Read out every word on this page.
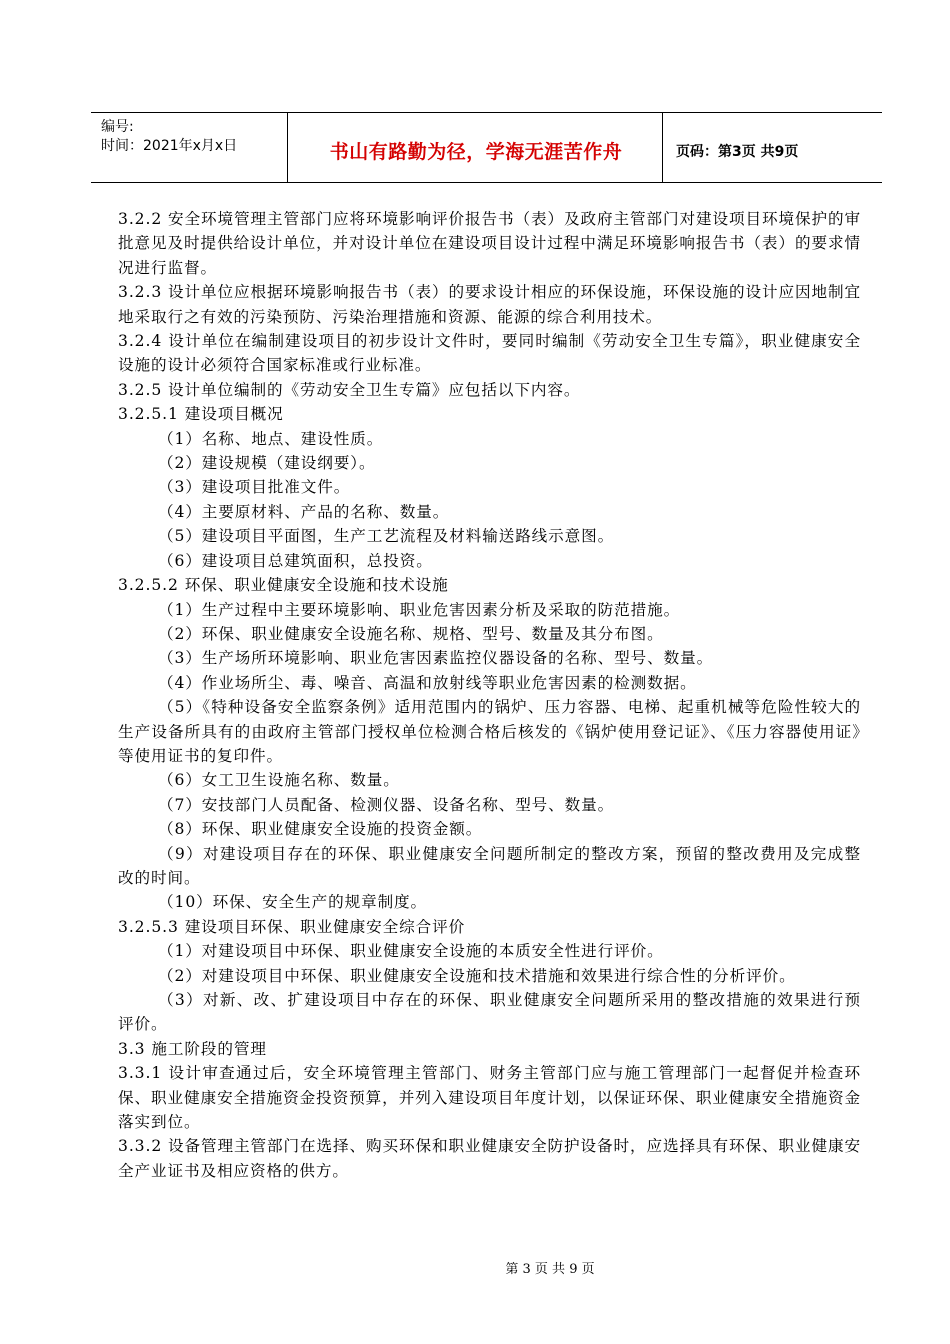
编号:
时间：2021年x月x日	书山有路勤为径，学海无涯苦作舟	页码：第3页 共9页

3.2.2 安全环境管理主管部门应将环境影响评价报告书（表）及政府主管部门对建设项目环境保护的审批意见及时提供给设计单位，并对设计单位在建设项目设计过程中满足环境影响报告书（表）的要求情况进行监督。

3.2.3 设计单位应根据环境影响报告书（表）的要求设计相应的环保设施，环保设施的设计应因地制宜地采取行之有效的污染预防、污染治理措施和资源、能源的综合利用技术。

3.2.4 设计单位在编制建设项目的初步设计文件时，要同时编制《劳动安全卫生专篇》，职业健康安全设施的设计必须符合国家标准或行业标准。

3.2.5 设计单位编制的《劳动安全卫生专篇》应包括以下内容。

3.2.5.1 建设项目概况

（1）名称、地点、建设性质。

（2）建设规模（建设纲要）。

（3）建设项目批准文件。

（4）主要原材料、产品的名称、数量。

（5）建设项目平面图，生产工艺流程及材料输送路线示意图。

（6）建设项目总建筑面积，总投资。

3.2.5.2 环保、职业健康安全设施和技术设施

（1）生产过程中主要环境影响、职业危害因素分析及采取的防范措施。

（2）环保、职业健康安全设施名称、规格、型号、数量及其分布图。

（3）生产场所环境影响、职业危害因素监控仪器设备的名称、型号、数量。

（4）作业场所尘、毒、噪音、高温和放射线等职业危害因素的检测数据。

（5）《特种设备安全监察条例》适用范围内的锅炉、压力容器、电梯、起重机械等危险性较大的生产设备所具有的由政府主管部门授权单位检测合格后核发的《锅炉使用登记证》、《压力容器使用证》等使用证书的复印件。

（6）女工卫生设施名称、数量。

（7）安技部门人员配备、检测仪器、设备名称、型号、数量。

（8）环保、职业健康安全设施的投资金额。

（9）对建设项目存在的环保、职业健康安全问题所制定的整改方案，预留的整改费用及完成整改的时间。

（10）环保、安全生产的规章制度。

3.2.5.3 建设项目环保、职业健康安全综合评价

（1）对建设项目中环保、职业健康安全设施的本质安全性进行评价。

（2）对建设项目中环保、职业健康安全设施和技术措施和效果进行综合性的分析评价。

（3）对新、改、扩建设项目中存在的环保、职业健康安全问题所采用的整改措施的效果进行预评价。

3.3 施工阶段的管理

3.3.1 设计审查通过后，安全环境管理主管部门、财务主管部门应与施工管理部门一起督促并检查环保、职业健康安全措施资金投资预算，并列入建设项目年度计划，以保证环保、职业健康安全措施资金落实到位。

3.3.2 设备管理主管部门在选择、购买环保和职业健康安全防护设备时，应选择具有环保、职业健康安全产业证书及相应资格的供方。

第 3 页 共 9 页
